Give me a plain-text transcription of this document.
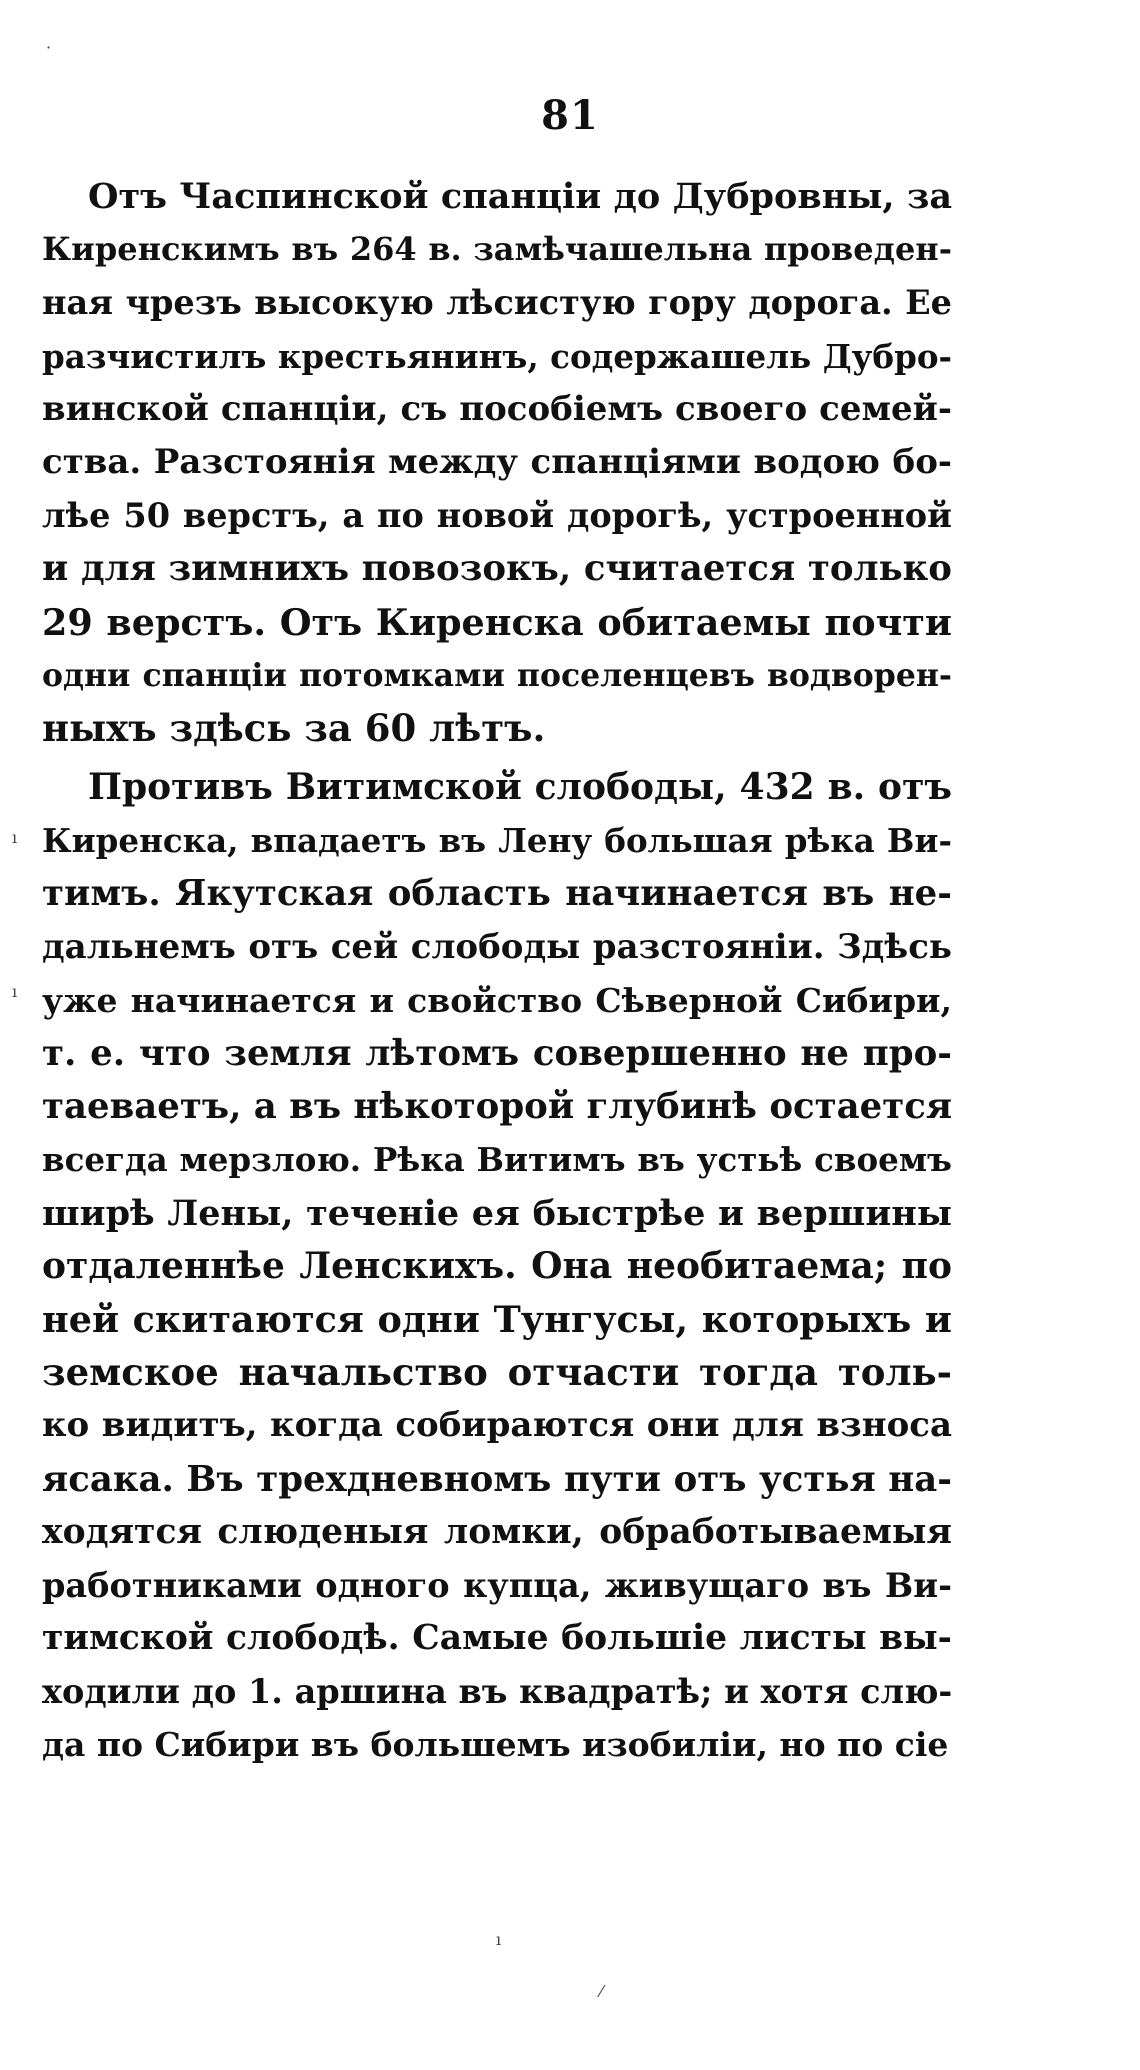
81
Отъ Часпинской спанціи до Дубровны, за
Киренскимъ въ 264 в. замѣчашельна проведен-
ная чрезъ высокую лѣсистую гору дорога. Ее
разчистилъ крестьянинъ, содержашель Дубро-
винской спанціи, съ пособіемъ своего семей-
ства. Разстоянія между спанціями водою бо-
лѣе 50 верстъ, а по новой дорогѣ, устроенной
и для зимнихъ повозокъ, считается только
29 верстъ. Отъ Киренска обитаемы почти
одни спанціи потомками поселенцевъ водворен-
ныхъ здѣсь за 60 лѣтъ.
Противъ Витимской слободы, 432 в. отъ
Киренска, впадаетъ въ Лену большая рѣка Ви-
тимъ. Якутская область начинается въ не-
дальнемъ отъ сей слободы разстояніи. Здѣсь
уже начинается и свойство Сѣверной Сибири,
т. е. что земля лѣтомъ совершенно не про-
таеваетъ, а въ нѣкоторой глубинѣ остается
всегда мерзлою. Рѣка Витимъ въ устьѣ своемъ
ширѣ Лены, теченіе ея быстрѣе и вершины
отдаленнѣе Ленскихъ. Она необитаема; по
ней скитаются одни Тунгусы, которыхъ и
земское начальство отчасти тогда толь-
ко видитъ, когда собираются они для взноса
ясака. Въ трехдневномъ пути отъ устья на-
ходятся слюденыя ломки, обработываемыя
работниками одного купца, живущаго въ Ви-
тимской слободѣ. Самые большіе листы вы-
ходили до 1. аршина въ квадратѣ; и хотя слю-
да по Сибири въ большемъ изобиліи, но по сіе
·
ı
ı
ı
⁄
